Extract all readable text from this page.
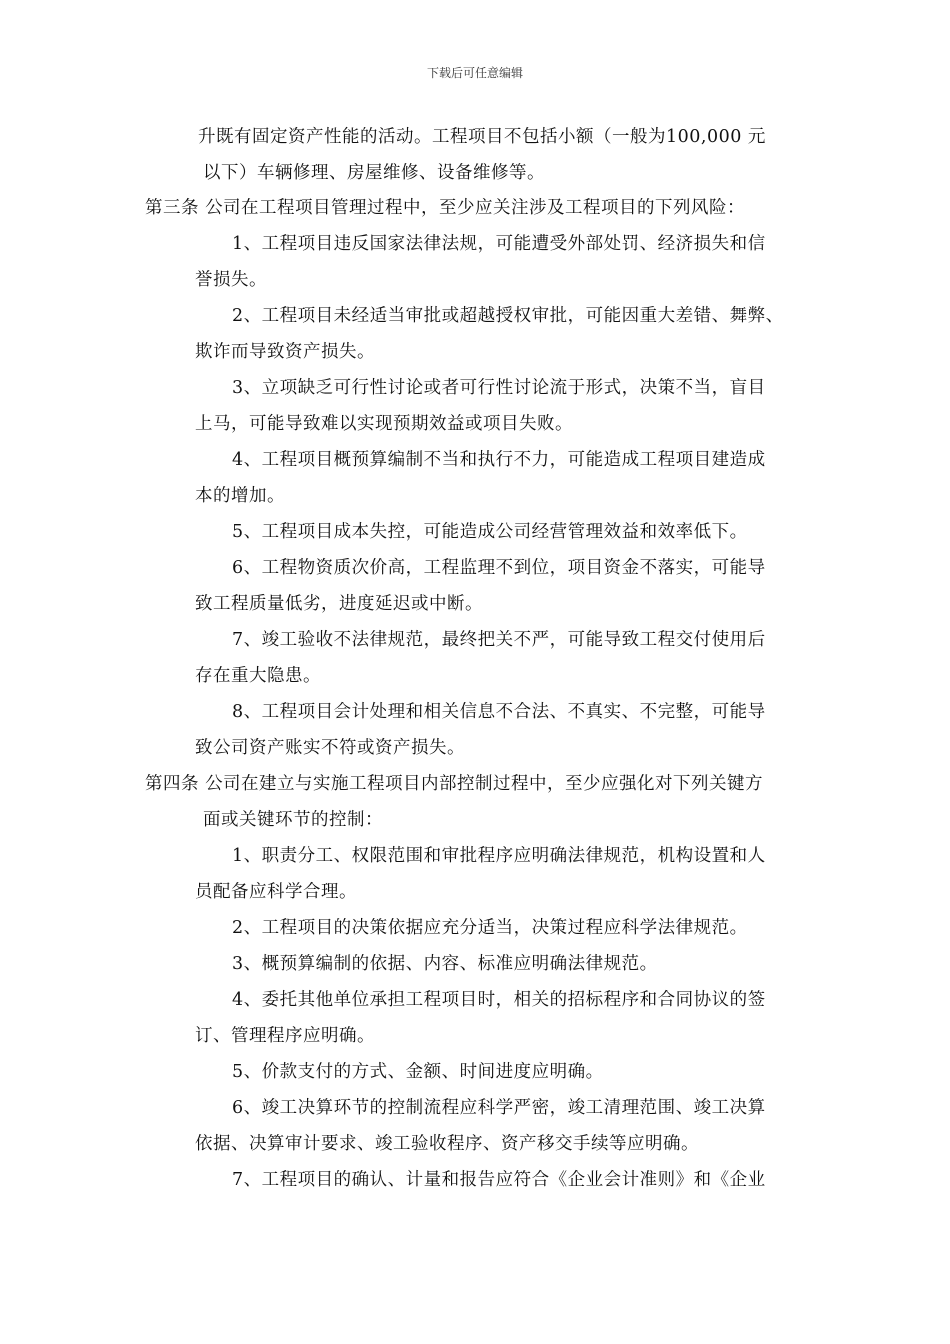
下载后可任意编辑
升既有固定资产性能的活动。工程项目不包括小额（一般为100,000 元
以下）车辆修理、房屋维修、设备维修等。
第三条 公司在工程项目管理过程中，至少应关注涉及工程项目的下列风险：
1、工程项目违反国家法律法规，可能遭受外部处罚、经济损失和信
誉损失。
2、工程项目未经适当审批或超越授权审批，可能因重大差错、舞弊、
欺诈而导致资产损失。
3、立项缺乏可行性讨论或者可行性讨论流于形式，决策不当，盲目
上马，可能导致难以实现预期效益或项目失败。
4、工程项目概预算编制不当和执行不力，可能造成工程项目建造成
本的增加。
5、工程项目成本失控，可能造成公司经营管理效益和效率低下。
6、工程物资质次价高，工程监理不到位，项目资金不落实，可能导
致工程质量低劣，进度延迟或中断。
7、竣工验收不法律规范，最终把关不严，可能导致工程交付使用后
存在重大隐患。
8、工程项目会计处理和相关信息不合法、不真实、不完整，可能导
致公司资产账实不符或资产损失。
第四条 公司在建立与实施工程项目内部控制过程中，至少应强化对下列关键方
面或关键环节的控制：
1、职责分工、权限范围和审批程序应明确法律规范，机构设置和人
员配备应科学合理。
2、工程项目的决策依据应充分适当，决策过程应科学法律规范。
3、概预算编制的依据、内容、标准应明确法律规范。
4、委托其他单位承担工程项目时，相关的招标程序和合同协议的签
订、管理程序应明确。
5、价款支付的方式、金额、时间进度应明确。
6、竣工决算环节的控制流程应科学严密，竣工清理范围、竣工决算
依据、决算审计要求、竣工验收程序、资产移交手续等应明确。
7、工程项目的确认、计量和报告应符合《企业会计准则》和《企业
